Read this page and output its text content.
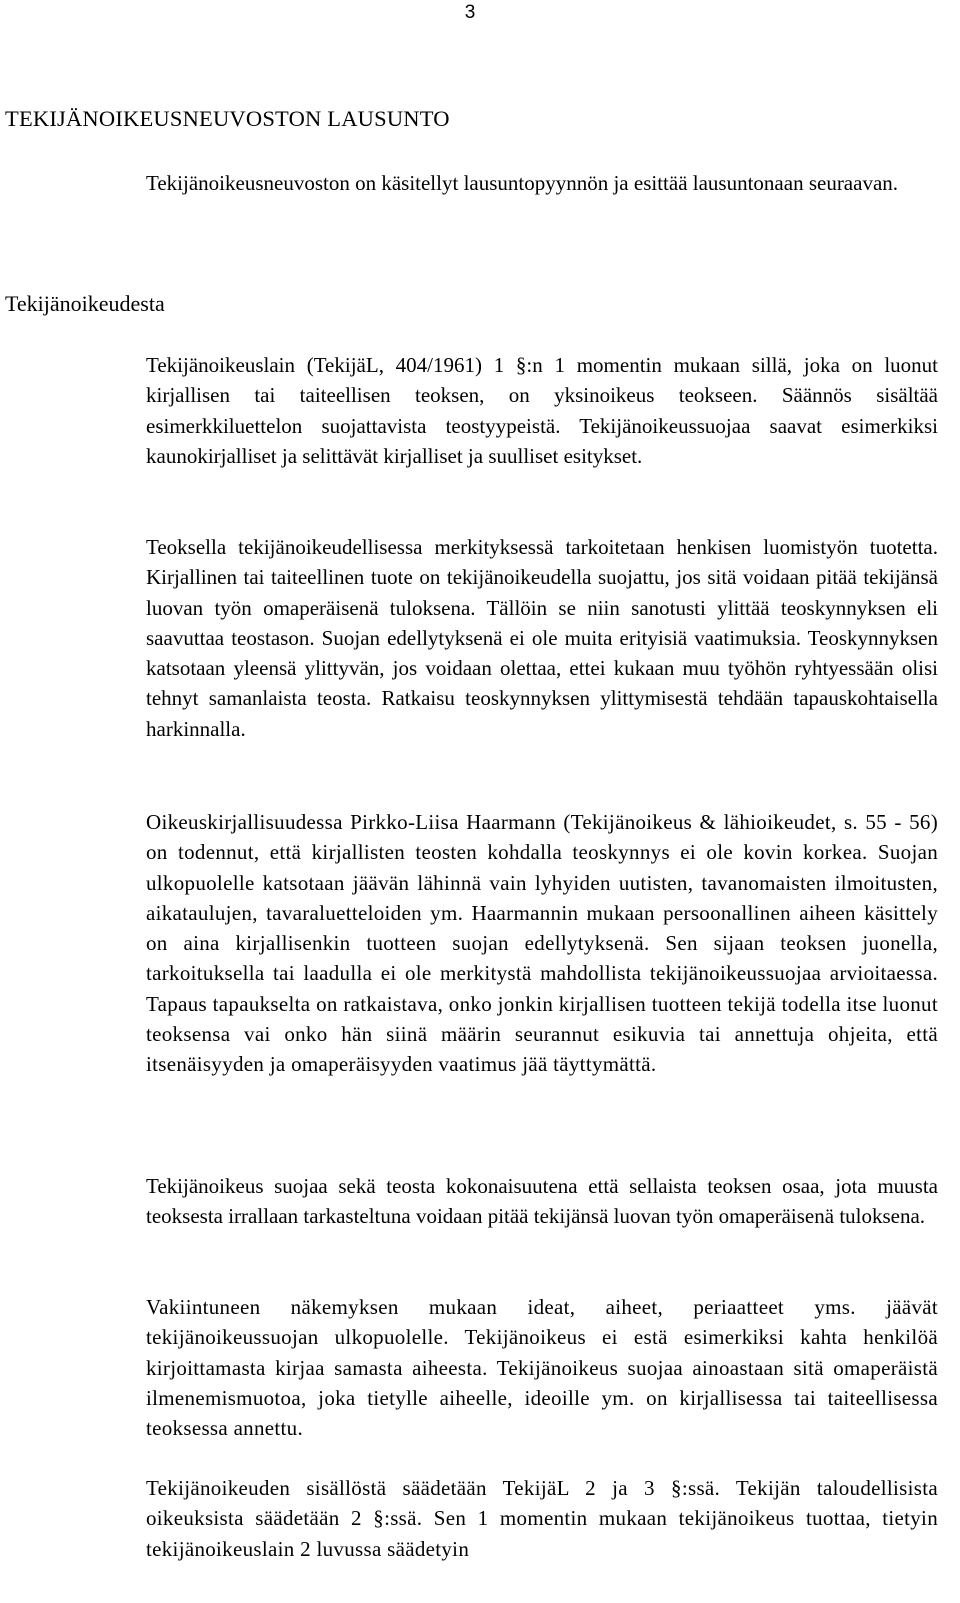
3
TEKIJÄNOIKEUSNEUVOSTON LAUSUNTO

Tekijänoikeusneuvoston on käsitellyt lausuntopyynnön ja esittää lausuntonaan seuraavan.

Tekijänoikeudesta

Tekijänoikeuslain (TekijäL, 404/1961) 1 §:n 1 momentin mukaan sillä, joka on luonut kirjallisen tai taiteellisen teoksen, on yksinoikeus teokseen. Säännös sisältää esimerkkiluettelon suojattavista teostyypeistä. Tekijänoikeussuojaa saavat esimerkiksi kaunokirjalliset ja selittävät kirjalliset ja suulliset esitykset.

Teoksella tekijänoikeudellisessa merkityksessä tarkoitetaan henkisen luomistyön tuotetta. Kirjallinen tai taiteellinen tuote on tekijänoikeudella suojattu, jos sitä voidaan pitää tekijänsä luovan työn omaperäisenä tuloksena. Tällöin se niin sanotusti ylittää teoskynnyksen eli saavuttaa teostason. Suojan edellytyksenä ei ole muita erityisiä vaatimuksia. Teoskynnyksen katsotaan yleensä ylittyvän, jos voidaan olettaa, ettei kukaan muu työhön ryhtyessään olisi tehnyt samanlaista teosta. Ratkaisu teoskynnyksen ylittymisestä tehdään tapauskohtaisella harkinnalla.

Oikeuskirjallisuudessa Pirkko-Liisa Haarmann (Tekijänoikeus & lähioikeudet, s. 55 - 56) on todennut, että kirjallisten teosten kohdalla teoskynnys ei ole kovin korkea. Suojan ulkopuolelle katsotaan jäävän lähinnä vain lyhyiden uutisten, tavanomaisten ilmoitusten, aikataulujen, tavaraluetteloiden ym. Haarmannin mukaan persoonallinen aiheen käsittely on aina kirjallisenkin tuotteen suojan edellytyksenä. Sen sijaan teoksen juonella, tarkoituksella tai laadulla ei ole merkitystä mahdollista tekijänoikeussuojaa arvioitaessa. Tapaus tapaukselta on ratkaistava, onko jonkin kirjallisen tuotteen tekijä todella itse luonut teoksensa vai onko hän siinä määrin seurannut esikuvia tai annettuja ohjeita, että itsenäisyyden ja omaperäisyyden vaatimus jää täyttymättä.

Tekijänoikeus suojaa sekä teosta kokonaisuutena että sellaista teoksen osaa, jota muusta teoksesta irrallaan tarkasteltuna voidaan pitää tekijänsä luovan työn omaperäisenä tuloksena.

Vakiintuneen näkemyksen mukaan ideat, aiheet, periaatteet yms. jäävät tekijänoikeussuojan ulkopuolelle. Tekijänoikeus ei estä esimerkiksi kahta henkilöä kirjoittamasta kirjaa samasta aiheesta. Tekijänoikeus suojaa ainoastaan sitä omaperäistä ilmenemismuotoa, joka tietylle aiheelle, ideoille ym. on kirjallisessa tai taiteellisessa teoksessa annettu.

Tekijänoikeuden sisällöstä säädetään TekijäL 2 ja 3 §:ssä. Tekijän taloudellisista oikeuksista säädetään 2 §:ssä. Sen 1 momentin mukaan tekijänoikeus tuottaa, tietyin tekijänoikeuslain 2 luvussa säädetyin
